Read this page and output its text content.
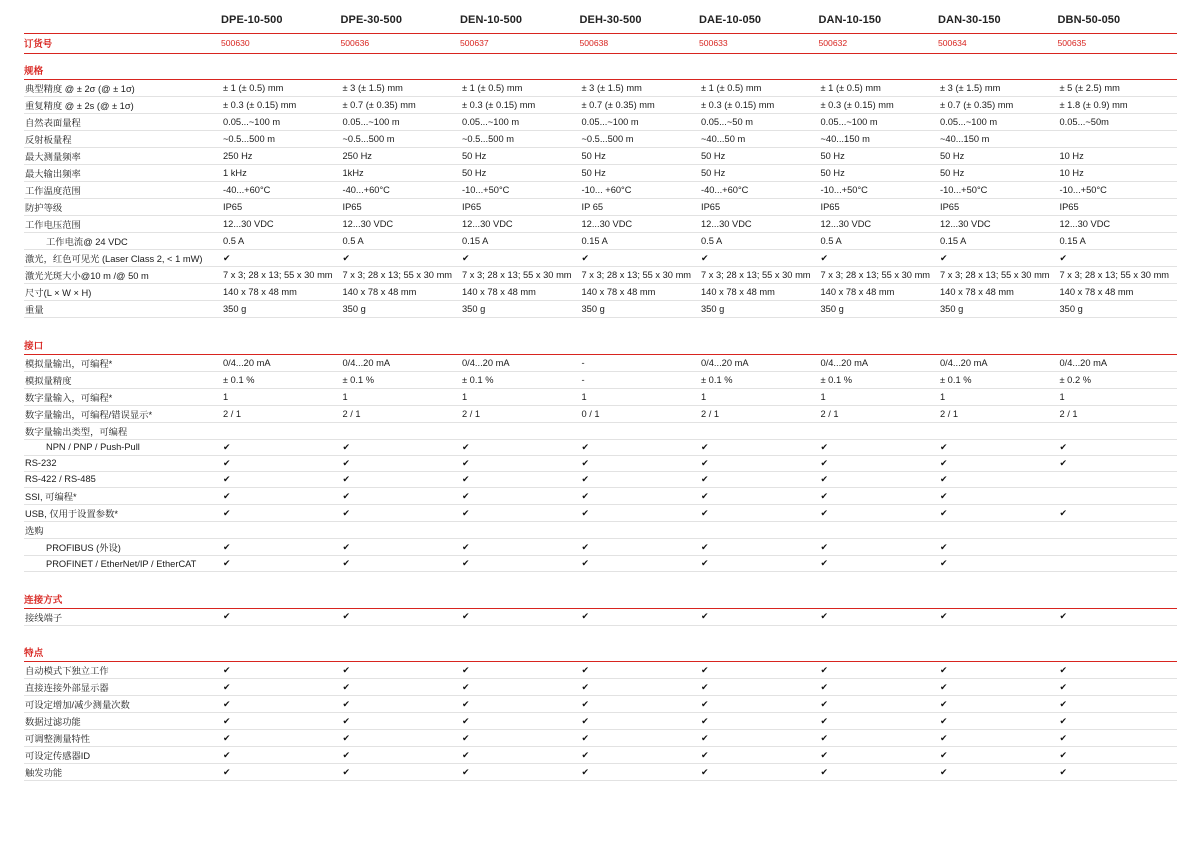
	DPE-10-500	DPE-30-500	DEN-10-500	DEH-30-500	DAE-10-050	DAN-10-150	DAN-30-150	DBN-50-050

订货号	500630	500636	500637	500638	500633	500632	500634	500635

规格								
典型精度 @ ± 2σ (@ ± 1σ)	± 1 (± 0.5) mm	± 3 (± 1.5) mm	± 1 (± 0.5) mm	± 3 (± 1.5) mm	± 1 (± 0.5) mm	± 1 (± 0.5) mm	± 3 (± 1.5) mm	± 5 (± 2.5) mm
重复精度 @ ± 2s (@ ± 1σ)	± 0.3 (± 0.15) mm	± 0.7 (± 0.35) mm	± 0.3 (± 0.15) mm	± 0.7 (± 0.35) mm	± 0.3 (± 0.15) mm	± 0.3 (± 0.15) mm	± 0.7 (± 0.35) mm	± 1.8 (± 0.9) mm
自然表面量程	0.05...~100 m	0.05...~100 m	0.05...~100 m	0.05...~100 m	0.05...~50 m	0.05...~100 m	0.05...~100 m	0.05...~50m
反射板量程	~0.5...500 m	~0.5...500 m	~0.5...500 m	~0.5...500 m	~40...50 m	~40...150 m	~40...150 m	
最大测量频率	250 Hz	250 Hz	50 Hz	50 Hz	50 Hz	50 Hz	50 Hz	10 Hz
最大输出频率	1 kHz	1kHz	50 Hz	50 Hz	50 Hz	50 Hz	50 Hz	10 Hz
工作温度范围	-40...+60°C	-40...+60°C	-10...+50°C	-10... +60°C	-40...+60°C	-10...+50°C	-10...+50°C	-10...+50°C
防护等级	IP65	IP65	IP65	IP 65	IP65	IP65	IP65	IP65
工作电压范围	12...30 VDC	12...30 VDC	12...30 VDC	12...30 VDC	12...30 VDC	12...30 VDC	12...30 VDC	12...30 VDC
工作电流@ 24 VDC	0.5 A	0.5 A	0.15 A	0.15 A	0.5 A	0.5 A	0.15 A	0.15 A
激光，红色可见光 (Laser Class 2, < 1 mW)	✔	✔	✔	✔	✔	✔	✔	✔
激光光斑大小@10 m /@ 50 m	7 x 3; 28 x 13; 55 x 30 mm	7 x 3; 28 x 13; 55 x 30 mm	7 x 3; 28 x 13; 55 x 30 mm	7 x 3; 28 x 13; 55 x 30 mm	7 x 3; 28 x 13; 55 x 30 mm	7 x 3; 28 x 13; 55 x 30 mm	7 x 3; 28 x 13; 55 x 30 mm	7 x 3; 28 x 13; 55 x 30 mm
尺寸(L × W × H)	140 x 78 x 48 mm	140 x 78 x 48 mm	140 x 78 x 48 mm	140 x 78 x 48 mm	140 x 78 x 48 mm	140 x 78 x 48 mm	140 x 78 x 48 mm	140 x 78 x 48 mm
重量	350 g	350 g	350 g	350 g	350 g	350 g	350 g	350 g

接口								
模拟量输出，可编程*	0/4...20 mA	0/4...20 mA	0/4...20 mA	-	0/4...20 mA	0/4...20 mA	0/4...20 mA	0/4...20 mA
模拟量精度	± 0.1 %	± 0.1 %	± 0.1 %	-	± 0.1 %	± 0.1 %	± 0.1 %	± 0.2 %
数字量输入，可编程*	1	1	1	1	1	1	1	1
数字量输出，可编程/错误显示*	2 / 1	2 / 1	2 / 1	0 / 1	2 / 1	2 / 1	2 / 1	2 / 1
数字量输出类型，可编程								
NPN / PNP / Push-Pull	✔	✔	✔	✔	✔	✔	✔	✔
RS-232	✔	✔	✔	✔	✔	✔	✔	✔
RS-422 / RS-485	✔	✔	✔	✔	✔	✔	✔	
SSI, 可编程*	✔	✔	✔	✔	✔	✔	✔	
USB, 仅用于设置参数*	✔	✔	✔	✔	✔	✔	✔	✔
选购								
PROFIBUS (外设)	✔	✔	✔	✔	✔	✔	✔	
PROFINET / EtherNet/IP / EtherCAT	✔	✔	✔	✔	✔	✔	✔	

连接方式								
接线端子	✔	✔	✔	✔	✔	✔	✔	✔

特点								
自动模式下独立工作	✔	✔	✔	✔	✔	✔	✔	✔
直接连接外部显示器	✔	✔	✔	✔	✔	✔	✔	✔
可设定增加/减少测量次数	✔	✔	✔	✔	✔	✔	✔	✔
数据过滤功能	✔	✔	✔	✔	✔	✔	✔	✔
可调整测量特性	✔	✔	✔	✔	✔	✔	✔	✔
可设定传感器ID	✔	✔	✔	✔	✔	✔	✔	✔
触发功能	✔	✔	✔	✔	✔	✔	✔	✔
